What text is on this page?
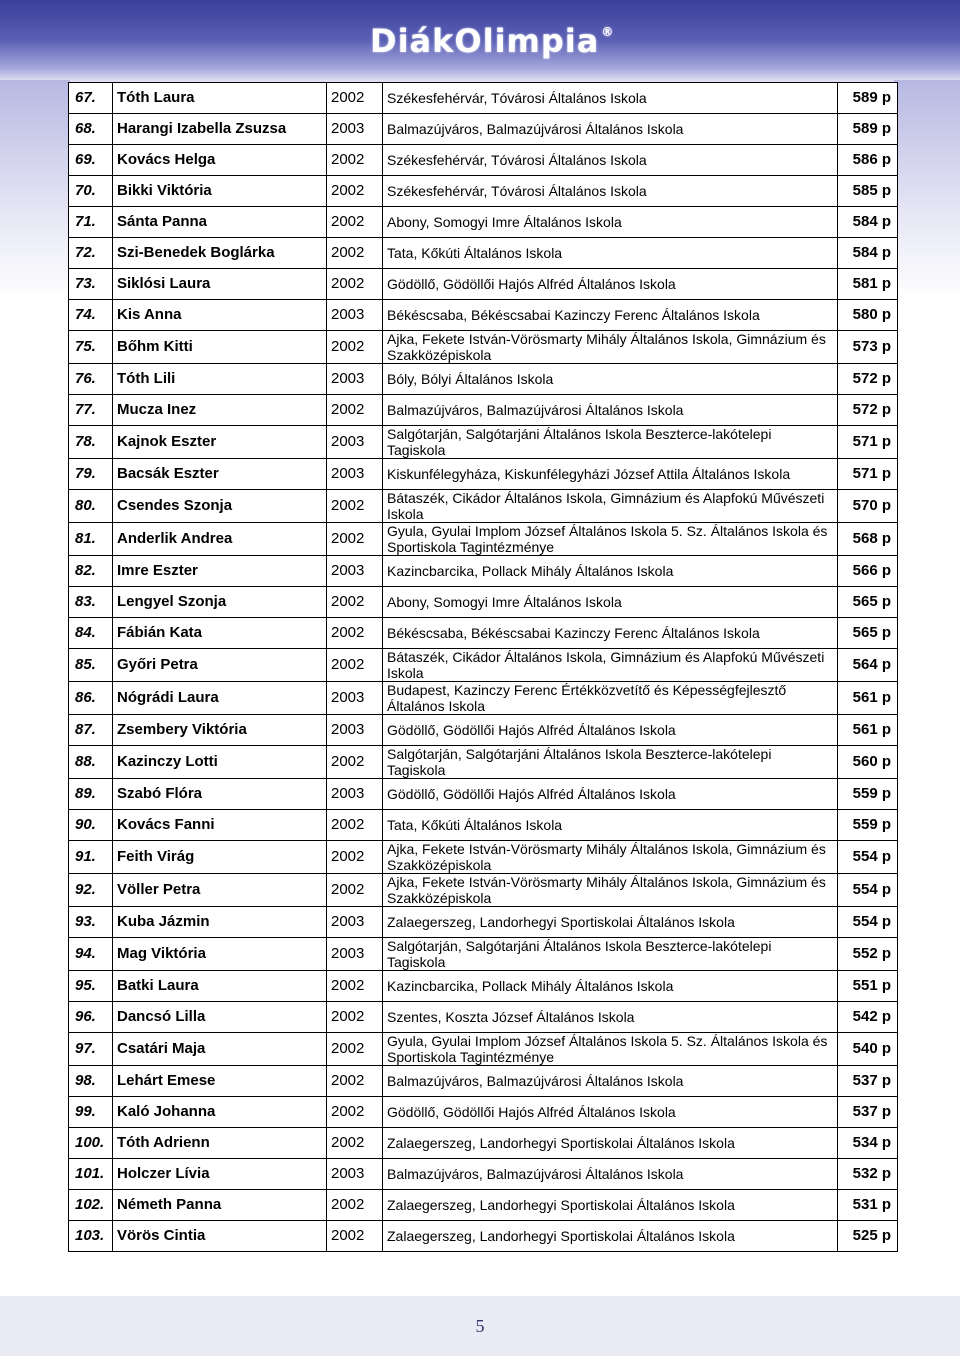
DiákOlimpia ®
67.	Tóth Laura	2002	Székesfehérvár, Tóvárosi Általános Iskola	589 p
68.	Harangi Izabella Zsuzsa	2003	Balmazújváros, Balmazújvárosi Általános Iskola	589 p
69.	Kovács Helga	2002	Székesfehérvár, Tóvárosi Általános Iskola	586 p
70.	Bikki Viktória	2002	Székesfehérvár, Tóvárosi Általános Iskola	585 p
71.	Sánta Panna	2002	Abony, Somogyi Imre Általános Iskola	584 p
72.	Szi-Benedek Boglárka	2002	Tata, Kőkúti Általános Iskola	584 p
73.	Siklósi Laura	2002	Gödöllő, Gödöllői Hajós Alfréd Általános Iskola	581 p
74.	Kis Anna	2003	Békéscsaba, Békéscsabai Kazinczy Ferenc Általános Iskola	580 p
75.	Bőhm Kitti	2002	Ajka, Fekete István-Vörösmarty Mihály Általános Iskola, Gimnázium és Szakközépiskola	573 p
76.	Tóth Lili	2003	Bóly, Bólyi Általános Iskola	572 p
77.	Mucza Inez	2002	Balmazújváros, Balmazújvárosi Általános Iskola	572 p
78.	Kajnok Eszter	2003	Salgótarján, Salgótarjáni Általános Iskola Beszterce-lakótelepi Tagiskola	571 p
79.	Bacsák Eszter	2003	Kiskunfélegyháza, Kiskunfélegyházi József Attila Általános Iskola	571 p
80.	Csendes Szonja	2002	Bátaszék, Cikádor Általános Iskola, Gimnázium és Alapfokú Művészeti Iskola	570 p
81.	Anderlik Andrea	2002	Gyula, Gyulai Implom József Általános Iskola 5. Sz. Általános Iskola és Sportiskola Tagintézménye	568 p
82.	Imre Eszter	2003	Kazincbarcika, Pollack Mihály Általános Iskola	566 p
83.	Lengyel Szonja	2002	Abony, Somogyi Imre Általános Iskola	565 p
84.	Fábián Kata	2002	Békéscsaba, Békéscsabai Kazinczy Ferenc Általános Iskola	565 p
85.	Győri Petra	2002	Bátaszék, Cikádor Általános Iskola, Gimnázium és Alapfokú Művészeti Iskola	564 p
86.	Nógrádi Laura	2003	Budapest, Kazinczy Ferenc Értékközvetítő és Képességfejlesztő Általános Iskola	561 p
87.	Zsembery Viktória	2003	Gödöllő, Gödöllői Hajós Alfréd Általános Iskola	561 p
88.	Kazinczy Lotti	2002	Salgótarján, Salgótarjáni Általános Iskola Beszterce-lakótelepi Tagiskola	560 p
89.	Szabó Flóra	2003	Gödöllő, Gödöllői Hajós Alfréd Általános Iskola	559 p
90.	Kovács Fanni	2002	Tata, Kőkúti Általános Iskola	559 p
91.	Feith Virág	2002	Ajka, Fekete István-Vörösmarty Mihály Általános Iskola, Gimnázium és Szakközépiskola	554 p
92.	Völler Petra	2002	Ajka, Fekete István-Vörösmarty Mihály Általános Iskola, Gimnázium és Szakközépiskola	554 p
93.	Kuba Jázmin	2003	Zalaegerszeg, Landorhegyi Sportiskolai Általános Iskola	554 p
94.	Mag Viktória	2003	Salgótarján, Salgótarjáni Általános Iskola Beszterce-lakótelepi Tagiskola	552 p
95.	Batki Laura	2002	Kazincbarcika, Pollack Mihály Általános Iskola	551 p
96.	Dancsó Lilla	2002	Szentes, Koszta József Általános Iskola	542 p
97.	Csatári Maja	2002	Gyula, Gyulai Implom József Általános Iskola 5. Sz. Általános Iskola és Sportiskola Tagintézménye	540 p
98.	Lehárt Emese	2002	Balmazújváros, Balmazújvárosi Általános Iskola	537 p
99.	Kaló Johanna	2002	Gödöllő, Gödöllői Hajós Alfréd Általános Iskola	537 p
100.	Tóth Adrienn	2002	Zalaegerszeg, Landorhegyi Sportiskolai Általános Iskola	534 p
101.	Holczer Lívia	2003	Balmazújváros, Balmazújvárosi Általános Iskola	532 p
102.	Németh Panna	2002	Zalaegerszeg, Landorhegyi Sportiskolai Általános Iskola	531 p
103.	Vörös Cintia	2002	Zalaegerszeg, Landorhegyi Sportiskolai Általános Iskola	525 p
5
